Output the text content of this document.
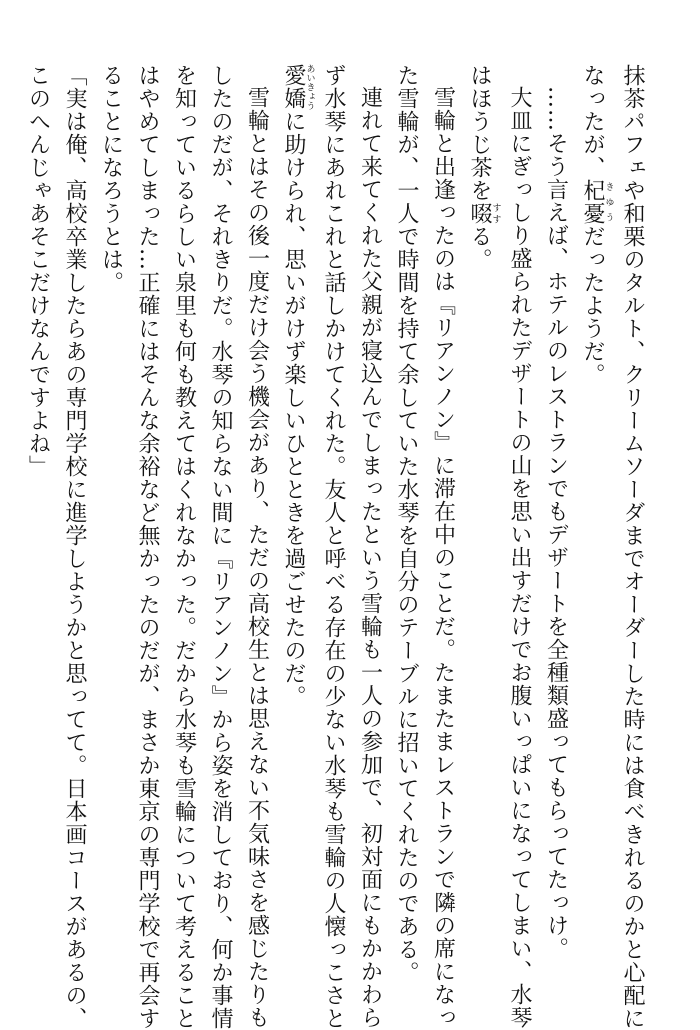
抹茶パフェや和栗のタルト、クリームソーダまでオーダーした時には食べきれるのかと心配に
なったが、杞憂きゆうだったようだ。
……そう言えば、ホテルのレストランでもデザートを全種類盛ってもらってたっけ。
大皿にぎっしり盛られたデザートの山を思い出すだけでお腹いっぱいになってしまい、水琴
はほうじ茶を啜すする。
雪輪と出逢ったのは『リアンノン』に滞在中のことだ。たまたまレストランで隣の席になっ
た雪輪が、一人で時間を持て余していた水琴を自分のテーブルに招いてくれたのである。
連れて来てくれた父親が寝込んでしまったという雪輪も一人の参加で、初対面にもかかわら
ず水琴にあれこれと話しかけてくれた。友人と呼べる存在の少ない水琴も雪輪の人懐っこさと
愛嬌あいきょうに助けられ、思いがけず楽しいひとときを過ごせたのだ。
雪輪とはその後一度だけ会う機会があり、ただの高校生とは思えない不気味さを感じたりも
したのだが、それきりだ。水琴の知らない間に『リアンノン』から姿を消しており、何か事情
を知っているらしい泉里も何も教えてはくれなかった。だから水琴も雪輪について考えること
はやめてしまった…正確にはそんな余裕など無かったのだが、まさか東京の専門学校で再会す
ることになろうとは。
「実は俺、高校卒業したらあの専門学校に進学しようかと思ってて。日本画コースがあるの、
このへんじゃあそこだけなんですよね」
